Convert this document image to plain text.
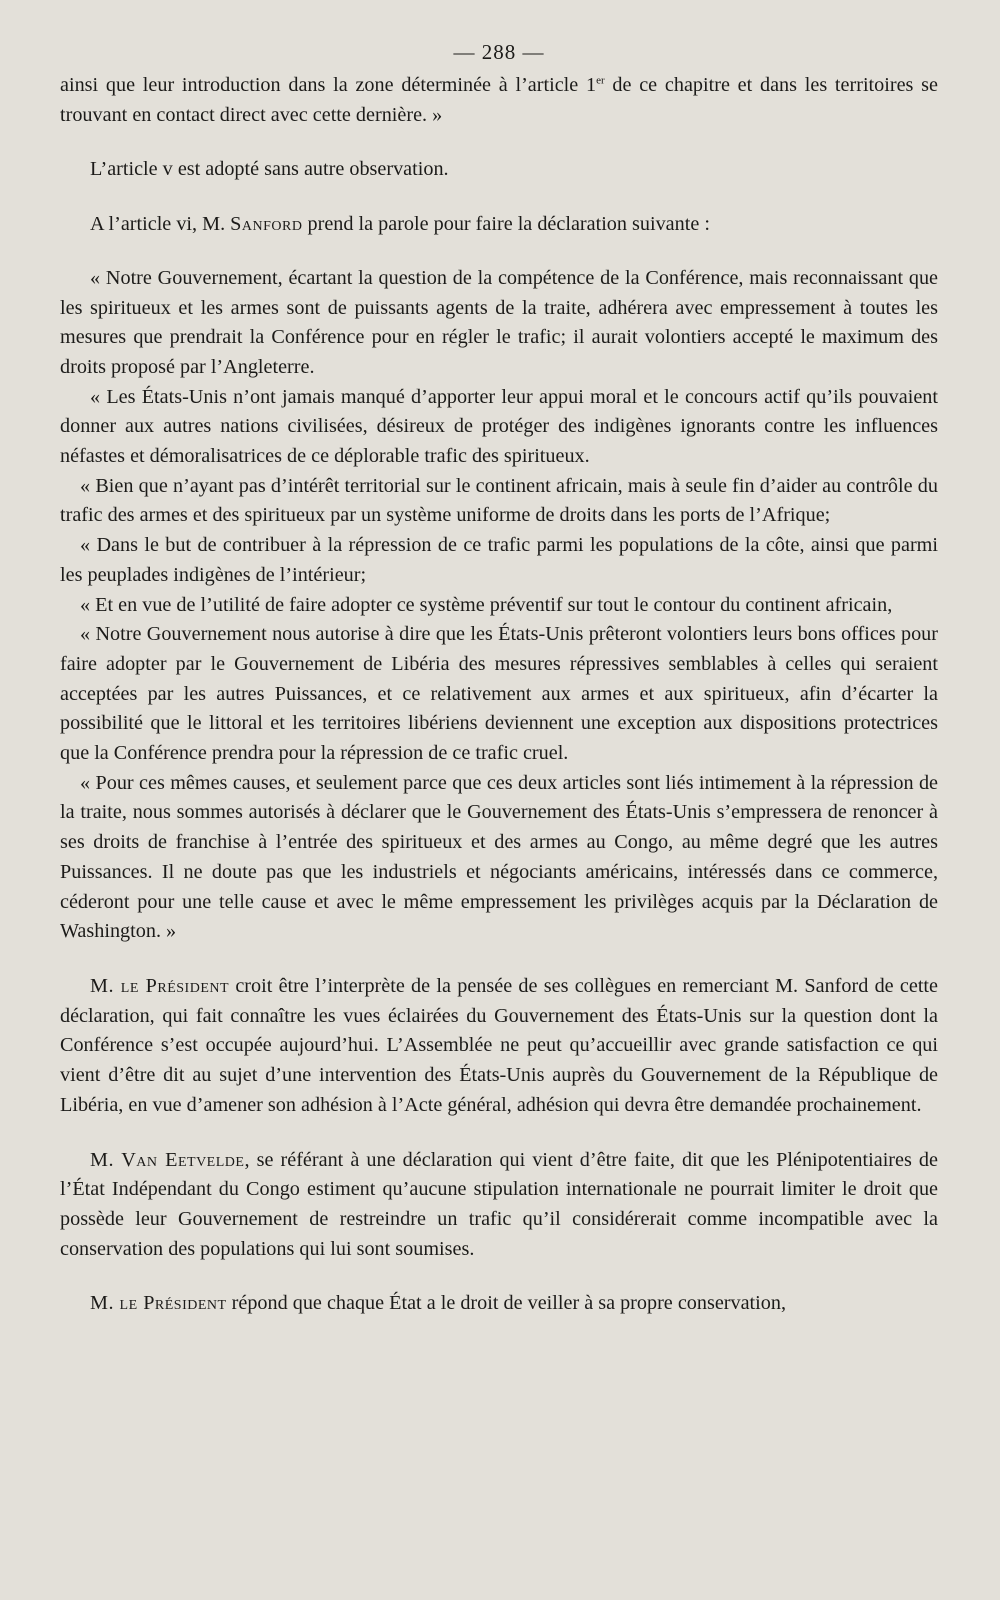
— 288 —

ainsi que leur introduction dans la zone déterminée à l’article 1er de ce chapitre et dans les territoires se trouvant en contact direct avec cette dernière. »

L’article v est adopté sans autre observation.

A l’article vi, M. Sanford prend la parole pour faire la déclaration suivante :

« Notre Gouvernement, écartant la question de la compétence de la Conférence, mais reconnaissant que les spiritueux et les armes sont de puissants agents de la traite, adhérera avec empressement à toutes les mesures que prendrait la Conférence pour en régler le trafic; il aurait volontiers accepté le maximum des droits proposé par l’Angleterre.

« Les États-Unis n’ont jamais manqué d’apporter leur appui moral et le concours actif qu’ils pouvaient donner aux autres nations civilisées, désireux de protéger des indigènes ignorants contre les influences néfastes et démoralisatrices de ce déplorable trafic des spiritueux.

« Bien que n’ayant pas d’intérêt territorial sur le continent africain, mais à seule fin d’aider au contrôle du trafic des armes et des spiritueux par un système uniforme de droits dans les ports de l’Afrique;

« Dans le but de contribuer à la répression de ce trafic parmi les populations de la côte, ainsi que parmi les peuplades indigènes de l’intérieur;

« Et en vue de l’utilité de faire adopter ce système préventif sur tout le contour du continent africain,

« Notre Gouvernement nous autorise à dire que les États-Unis prêteront volontiers leurs bons offices pour faire adopter par le Gouvernement de Libéria des mesures répressives semblables à celles qui seraient acceptées par les autres Puissances, et ce relativement aux armes et aux spiritueux, afin d’écarter la possibilité que le littoral et les territoires libériens deviennent une exception aux dispositions protectrices que la Conférence prendra pour la répression de ce trafic cruel.

« Pour ces mêmes causes, et seulement parce que ces deux articles sont liés intimement à la répression de la traite, nous sommes autorisés à déclarer que le Gouvernement des États-Unis s’empressera de renoncer à ses droits de franchise à l’entrée des spiritueux et des armes au Congo, au même degré que les autres Puissances. Il ne doute pas que les industriels et négociants américains, intéressés dans ce commerce, céderont pour une telle cause et avec le même empressement les privilèges acquis par la Déclaration de Washington. »

M. le Président croit être l’interprète de la pensée de ses collègues en remerciant M. Sanford de cette déclaration, qui fait connaître les vues éclairées du Gouvernement des États-Unis sur la question dont la Conférence s’est occupée aujourd’hui. L’Assemblée ne peut qu’accueillir avec grande satisfaction ce qui vient d’être dit au sujet d’une intervention des États-Unis auprès du Gouvernement de la République de Libéria, en vue d’amener son adhésion à l’Acte général, adhésion qui devra être demandée prochainement.

M. Van Eetvelde, se référant à une déclaration qui vient d’être faite, dit que les Plénipotentiaires de l’État Indépendant du Congo estiment qu’aucune stipulation internationale ne pourrait limiter le droit que possède leur Gouvernement de restreindre un trafic qu’il considérerait comme incompatible avec la conservation des populations qui lui sont soumises.

M. le Président répond que chaque État a le droit de veiller à sa propre conservation,
